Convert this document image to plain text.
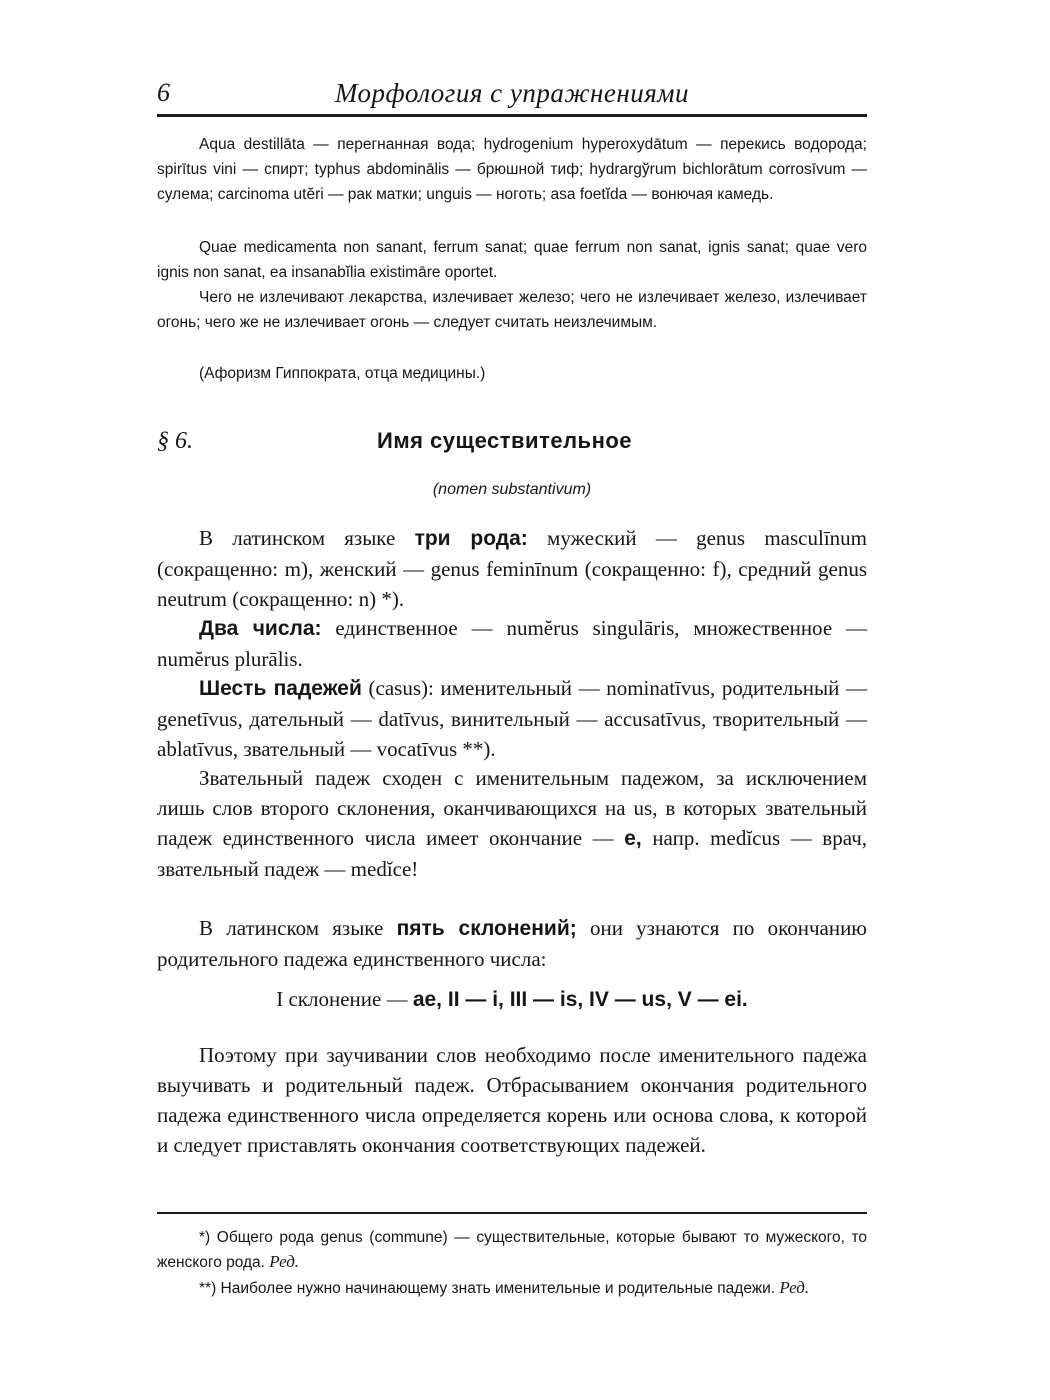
6	Морфология с упражнениями

Aqua destillāta — перегнанная вода; hydrogenium hyperoxydātum — перекись водорода; spirītus vini — спирт; typhus abdominālis — брюшной тиф; hydrargўrum bichlorātum corrosīvum — сулема; carcinoma utĕri — рак матки; unguis — ноготь; asa foetĭda — вонючая камедь.

Quae medicamenta non sanant, ferrum sanat; quae ferrum non sanat, ignis sanat; quae vero ignis non sanat, ea insanabĭlia existimāre oportet.

Чего не излечивают лекарства, излечивает железо; чего не излечивает железо, излечивает огонь; чего же не излечивает огонь — следует считать неизлечимым.

(Афоризм Гиппократа, отца медицины.)

§ 6.	Имя существительное
(nomen substantivum)

В латинском языке три рода: мужеский — genus masculīnum (сокращенно: m), женский — genus feminīnum (сокращенно: f), средний genus neutrum (сокращенно: n) *).

Два числа: единственное — numĕrus singulāris, множественное — numĕrus plurālis.

Шесть падежей (casus): именительный — nominatīvus, родительный — genetīvus, дательный — datīvus, винительный — accusatīvus, творительный — ablatīvus, звательный — vocatīvus **).

Звательный падеж сходен с именительным падежом, за исключением лишь слов второго склонения, оканчивающихся на us, в которых звательный падеж единственного числа имеет окончание — e, напр. medĭcus — врач, звательный падеж — medĭce!

В латинском языке пять склонений; они узнаются по окончанию родительного падежа единственного числа:

I склонение — ae, II — i, III — is, IV — us, V — ei.

Поэтому при заучивании слов необходимо после именительного падежа выучивать и родительный падеж. Отбрасыванием окончания родительного падежа единственного числа определяется корень или основа слова, к которой и следует приставлять окончания соответствующих падежей.

*) Общего рода genus (commune) — существительные, которые бывают то мужеского, то женского рода. Ред.

**) Наиболее нужно начинающему знать именительные и родительные падежи. Ред.
